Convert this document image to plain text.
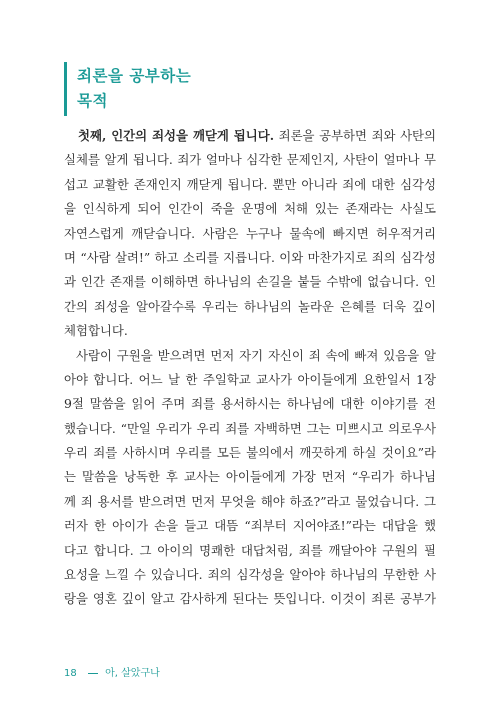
죄론을 공부하는
목적
첫째, 인간의 죄성을 깨닫게 됩니다. 죄론을 공부하면 죄와 사탄의
실체를 알게 됩니다. 죄가 얼마나 심각한 문제인지, 사탄이 얼마나 무
섭고 교활한 존재인지 깨닫게 됩니다. 뿐만 아니라 죄에 대한 심각성
을 인식하게 되어 인간이 죽을 운명에 처해 있는 존재라는 사실도
자연스럽게 깨닫습니다. 사람은 누구나 물속에 빠지면 허우적거리
며 “사람 살려!” 하고 소리를 지릅니다. 이와 마찬가지로 죄의 심각성
과 인간 존재를 이해하면 하나님의 손길을 붙들 수밖에 없습니다. 인
간의 죄성을 알아갈수록 우리는 하나님의 놀라운 은혜를 더욱 깊이
체험합니다.
사람이 구원을 받으려면 먼저 자기 자신이 죄 속에 빠져 있음을 알
아야 합니다. 어느 날 한 주일학교 교사가 아이들에게 요한일서 1장
9절 말씀을 읽어 주며 죄를 용서하시는 하나님에 대한 이야기를 전
했습니다. “만일 우리가 우리 죄를 자백하면 그는 미쁘시고 의로우사
우리 죄를 사하시며 우리를 모든 불의에서 깨끗하게 하실 것이요”라
는 말씀을 낭독한 후 교사는 아이들에게 가장 먼저 “우리가 하나님
께 죄 용서를 받으려면 먼저 무엇을 해야 하죠?”라고 물었습니다. 그
러자 한 아이가 손을 들고 대뜸 “죄부터 지어야죠!”라는 대답을 했
다고 합니다. 그 아이의 명쾌한 대답처럼, 죄를 깨달아야 구원의 필
요성을 느낄 수 있습니다. 죄의 심각성을 알아야 하나님의 무한한 사
랑을 영혼 깊이 알고 감사하게 된다는 뜻입니다. 이것이 죄론 공부가
18	아, 살았구나
